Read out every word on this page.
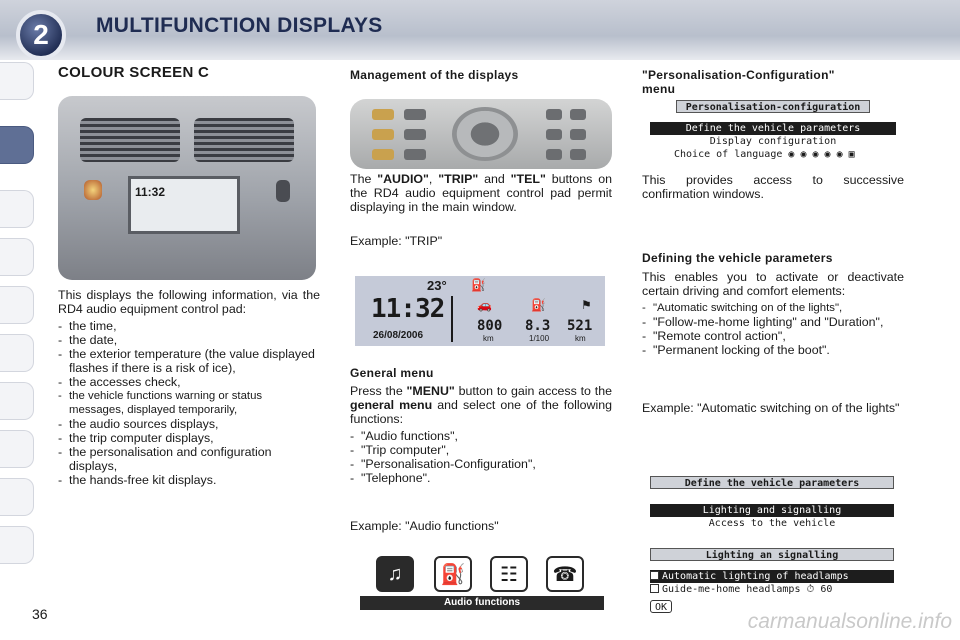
MULTIFUNCTION DISPLAYS
2
COLOUR SCREEN C
11:32

This displays the following information, via the RD4 audio equipment control pad:

- the time,
- the date,
- the exterior temperature (the value displayed flashes if there is a risk of ice),
- the accesses check,
- the vehicle functions warning or status messages, displayed temporarily,
- the audio sources displays,
- the trip computer displays,
- the personalisation and configuration displays,
- the hands-free kit displays.
Management of the displays

The "AUDIO", "TRIP" and "TEL" buttons on the RD4 audio equipment control pad permit displaying in the main window.

Example: "TRIP"

23° ⛽
11:32
26/08/2006
🚗	⛽	⚑
800 8.3 521
km	1/100	km
General menu

Press the "MENU" button to gain access to the general menu and select one of the following functions:

- "Audio functions",
- "Trip computer",
- "Personalisation-Configuration",
- "Telephone".

Example: "Audio functions"

♫	⛽	☷	☎
Audio functions
"Personalisation-Configuration"
menu
Personalisation-configuration
Define the vehicle parameters
Display configuration
Choice of language ◉ ◉ ◉ ◉ ◉ ▣

This provides access to successive confirmation windows.

Defining the vehicle parameters

This enables you to activate or deactivate certain driving and comfort elements:

- "Automatic switching on of the lights",
- "Follow-me-home lighting" and "Duration",
- "Remote control action",
- "Permanent locking of the boot".

Example: "Automatic switching on of the lights"

Define the vehicle parameters
Lighting and signalling
Access to the vehicle
Lighting an signalling
Automatic lighting of headlamps
Guide-me-home headlamps ⏱ 60
OK
36	carmanualsonline.info
